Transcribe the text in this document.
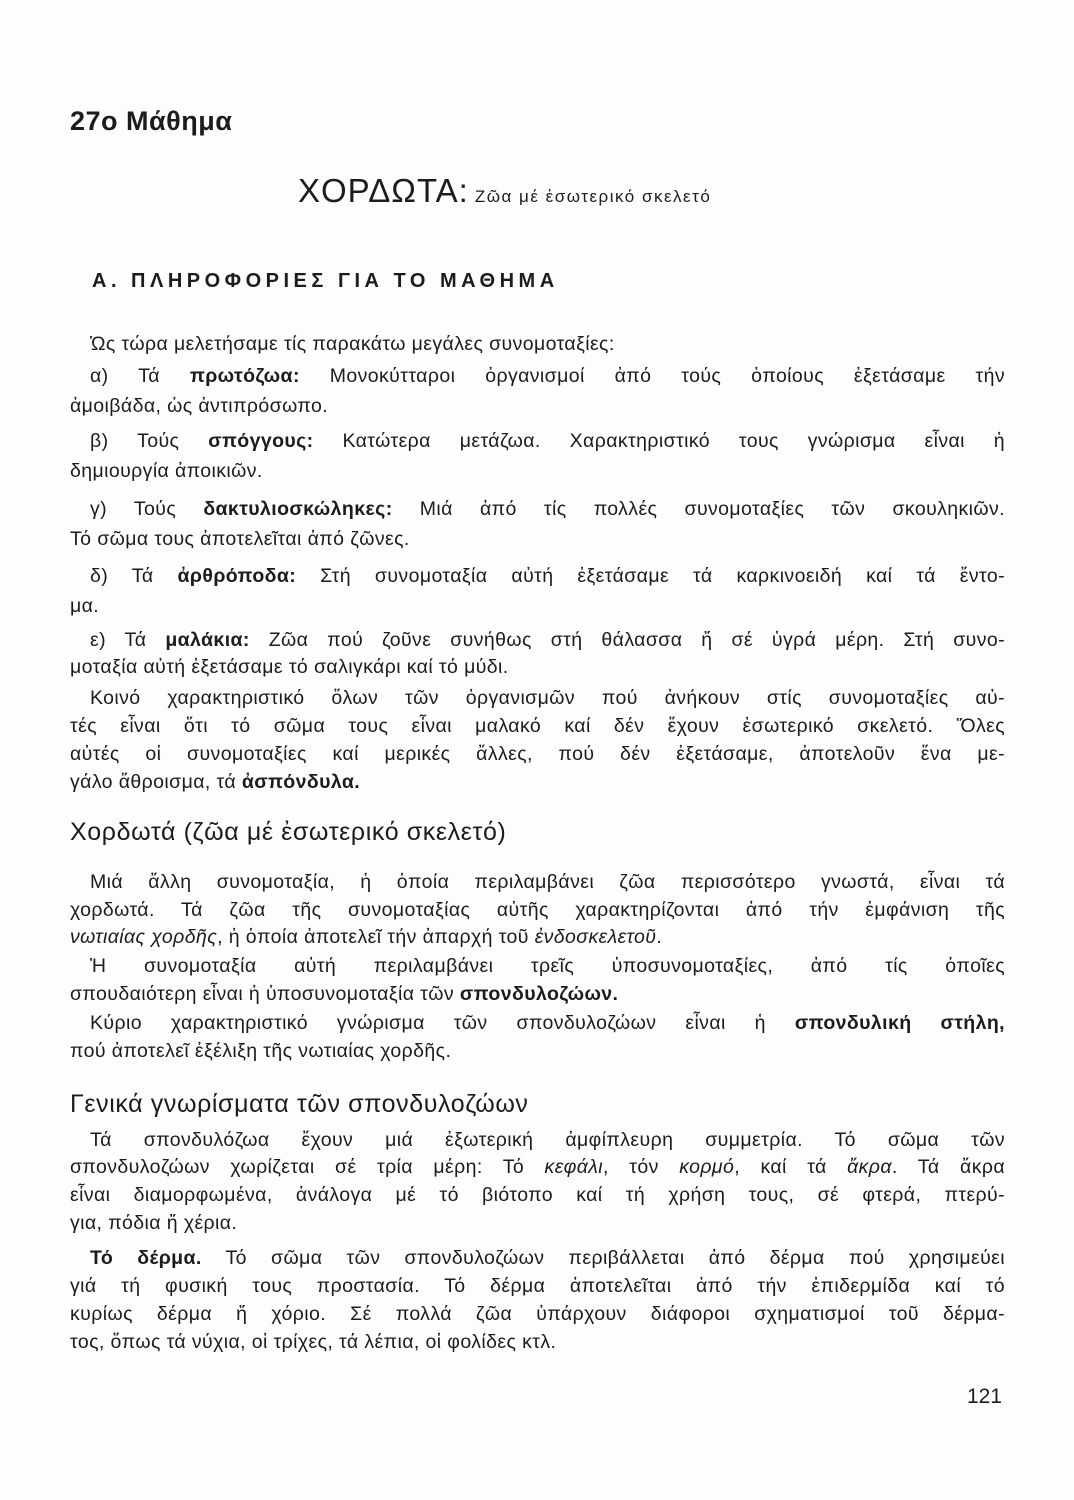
27ο Μάθημα
ΧΟΡΔΩΤΑ: Ζῶα μέ ἐσωτερικό σκελετό
Α. ΠΛΗΡΟΦΟΡΙΕΣ ΓΙΑ ΤΟ ΜΑΘΗΜΑ
Χορδωτά (ζῶα μέ ἐσωτερικό σκελετό)
Γενικά γνωρίσματα τῶν σπονδυλοζώων
Ὡς τώρα μελετήσαμε τίς παρακάτω μεγάλες συνομοταξίες:
α) Τά πρωτόζωα: Μονοκύτταροι ὀργανισμοί ἀπό τούς ὁποίους ἐξετάσαμε τήν
ἀμοιβάδα, ὡς ἀντιπρόσωπο.
β) Τούς σπόγγους: Κατώτερα μετάζωα. Χαρακτηριστικό τους γνώρισμα εἶναι ἡ
δημιουργία ἀποικιῶν.
γ) Τούς δακτυλιοσκώληκες: Μιά ἀπό τίς πολλές συνομοταξίες τῶν σκουληκιῶν.
Τό σῶμα τους ἀποτελεῖται ἀπό ζῶνες.
δ) Τά ἀρθρόποδα: Στή συνομοταξία αὐτή ἐξετάσαμε τά καρκινοειδή καί τά ἔντο-
μα.
ε) Τά μαλάκια: Ζῶα πού ζοῦνε συνήθως στή θάλασσα ἤ σέ ὑγρά μέρη. Στή συνο-
μοταξία αὐτή ἐξετάσαμε τό σαλιγκάρι καί τό μύδι.
Κοινό χαρακτηριστικό ὅλων τῶν ὀργανισμῶν πού ἀνήκουν στίς συνομοταξίες αὐ-
τές εἶναι ὅτι τό σῶμα τους εἶναι μαλακό καί δέν ἔχουν ἐσωτερικό σκελετό. Ὅλες
αὐτές οἱ συνομοταξίες καί μερικές ἄλλες, πού δέν ἐξετάσαμε, ἀποτελοῦν ἕνα με-
γάλο ἄθροισμα, τά ἀσπόνδυλα.
Μιά ἄλλη συνομοταξία, ἡ ὁποία περιλαμβάνει ζῶα περισσότερο γνωστά, εἶναι τά
χορδωτά. Τά ζῶα τῆς συνομοταξίας αὐτῆς χαρακτηρίζονται ἀπό τήν ἐμφάνιση τῆς
νωτιαίας χορδῆς, ἡ ὁποία ἀποτελεῖ τήν ἀπαρχή τοῦ ἐνδοσκελετοῦ.
Ἡ συνομοταξία αὐτή περιλαμβάνει τρεῖς ὑποσυνομοταξίες, ἀπό τίς ὁποῖες
σπουδαιότερη εἶναι ἡ ὑποσυνομοταξία τῶν σπονδυλοζώων.
Κύριο χαρακτηριστικό γνώρισμα τῶν σπονδυλοζώων εἶναι ἡ σπονδυλική στήλη,
πού ἀποτελεῖ ἐξέλιξη τῆς νωτιαίας χορδῆς.
Τά σπονδυλόζωα ἔχουν μιά ἐξωτερική ἀμφίπλευρη συμμετρία. Τό σῶμα τῶν
σπονδυλοζώων χωρίζεται σέ τρία μέρη: Τό κεφάλι, τόν κορμό, καί τά ἄκρα. Τά ἄκρα
εἶναι διαμορφωμένα, ἀνάλογα μέ τό βιότοπο καί τή χρήση τους, σέ φτερά, πτερύ-
για, πόδια ἤ χέρια.
Τό δέρμα. Τό σῶμα τῶν σπονδυλοζώων περιβάλλεται ἀπό δέρμα πού χρησιμεύει
γιά τή φυσική τους προστασία. Τό δέρμα ἀποτελεῖται ἀπό τήν ἐπιδερμίδα καί τό
κυρίως δέρμα ἤ χόριο. Σέ πολλά ζῶα ὑπάρχουν διάφοροι σχηματισμοί τοῦ δέρμα-
τος, ὅπως τά νύχια, οἱ τρίχες, τά λέπια, οἱ φολίδες κτλ.
121
